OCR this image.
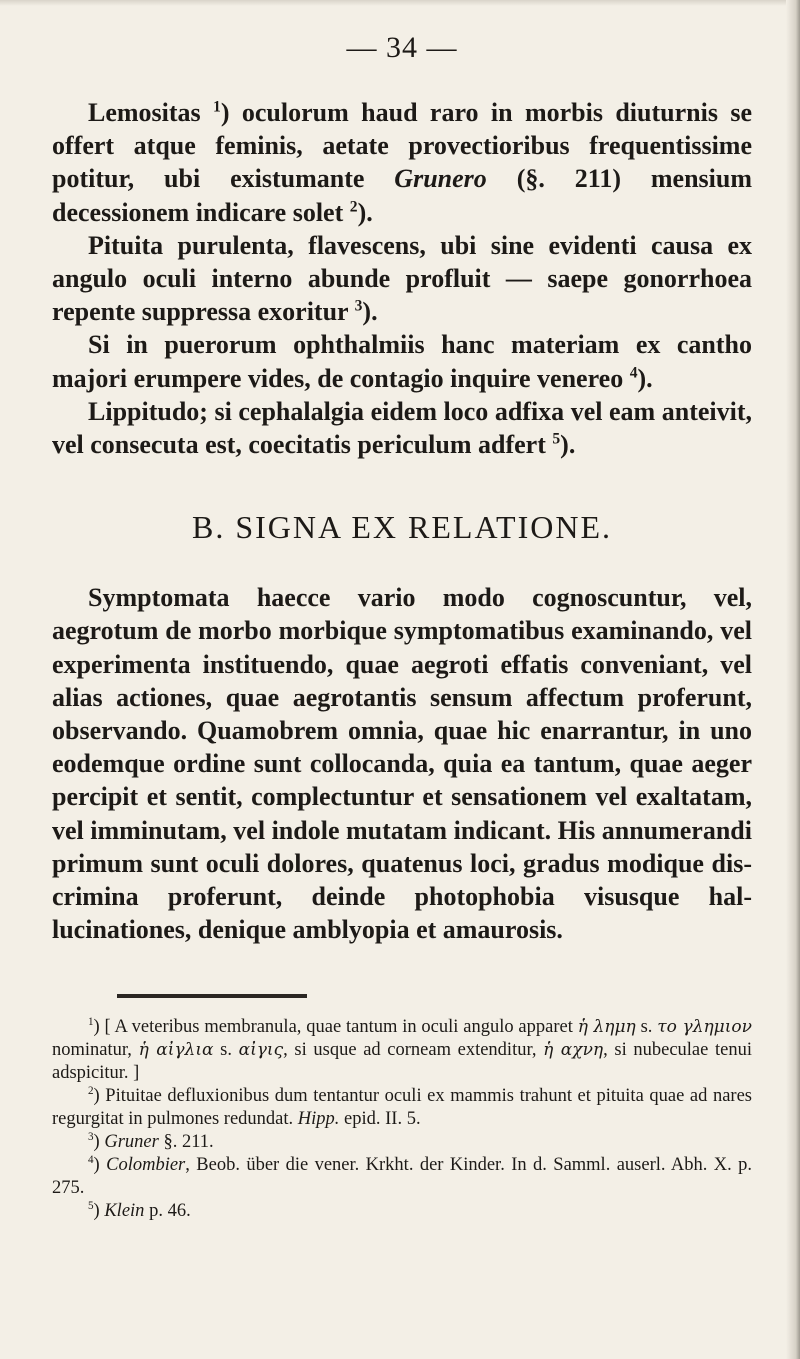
— 34 —

Lemositas $^1$) oculorum haud raro in morbis diuturnis se offert atque feminis, aetate provectioribus frequentissime potitur, ubi existumante Grunero (§. 211) mensium decessionem indicare solet $^2$).

Pituita purulenta, flavescens, ubi sine evidenti causa ex angulo oculi interno abunde profluit — saepe gonorrhoea repente suppressa exoritur $^3$).

Si in puerorum ophthalmiis hanc materiam ex cantho majori erumpere vides, de contagio inquire venereo $^4$).

Lippitudo; si cephalalgia eidem loco adfixa vel eam anteivit, vel consecuta est, coecitatis periculum adfert $^5$).

B. SIGNA EX RELATIONE.

Symptomata haecce vario modo cognoscuntur, vel, aegrotum de morbo morbique symptomatibus examinando, vel experimenta instituendo, quae aegroti effatis conveniant, vel alias actiones, quae aegrotantis sensum affectum proferunt, observando. Quamobrem omnia, quae hic enarrantur, in uno eodemque ordine sunt collocanda, quia ea tantum, quae aeger percipit et sentit, complectuntur et sensationem vel exaltatam, vel imminutam, vel indole mutatam indicant. His annumerandi primum sunt oculi dolores, quatenus loci, gradus modique discrimina proferunt, deinde photophobia visusque hallucinationes, denique amblyopia et amaurosis.

$^1$) [ A veteribus membranula, quae tantum in oculi angulo apparet ἡ λημη s. το γλημιον nominatur, ἡ αἰγλια s. αἰγις, si usque ad corneam extenditur, ἡ αχνη, si nubeculae tenui adspicitur. ]

$^2$) Pituitae defluxionibus dum tentantur oculi ex mammis trahunt et pituita quae ad nares regurgitat in pulmones redundat. Hipp. epid. II. 5.

$^3$) Gruner §. 211.

$^4$) Colombier, Beob. über die vener. Krkht. der Kinder. In d. Samml. auserl. Abh. X. p. 275.

$^5$) Klein p. 46.
